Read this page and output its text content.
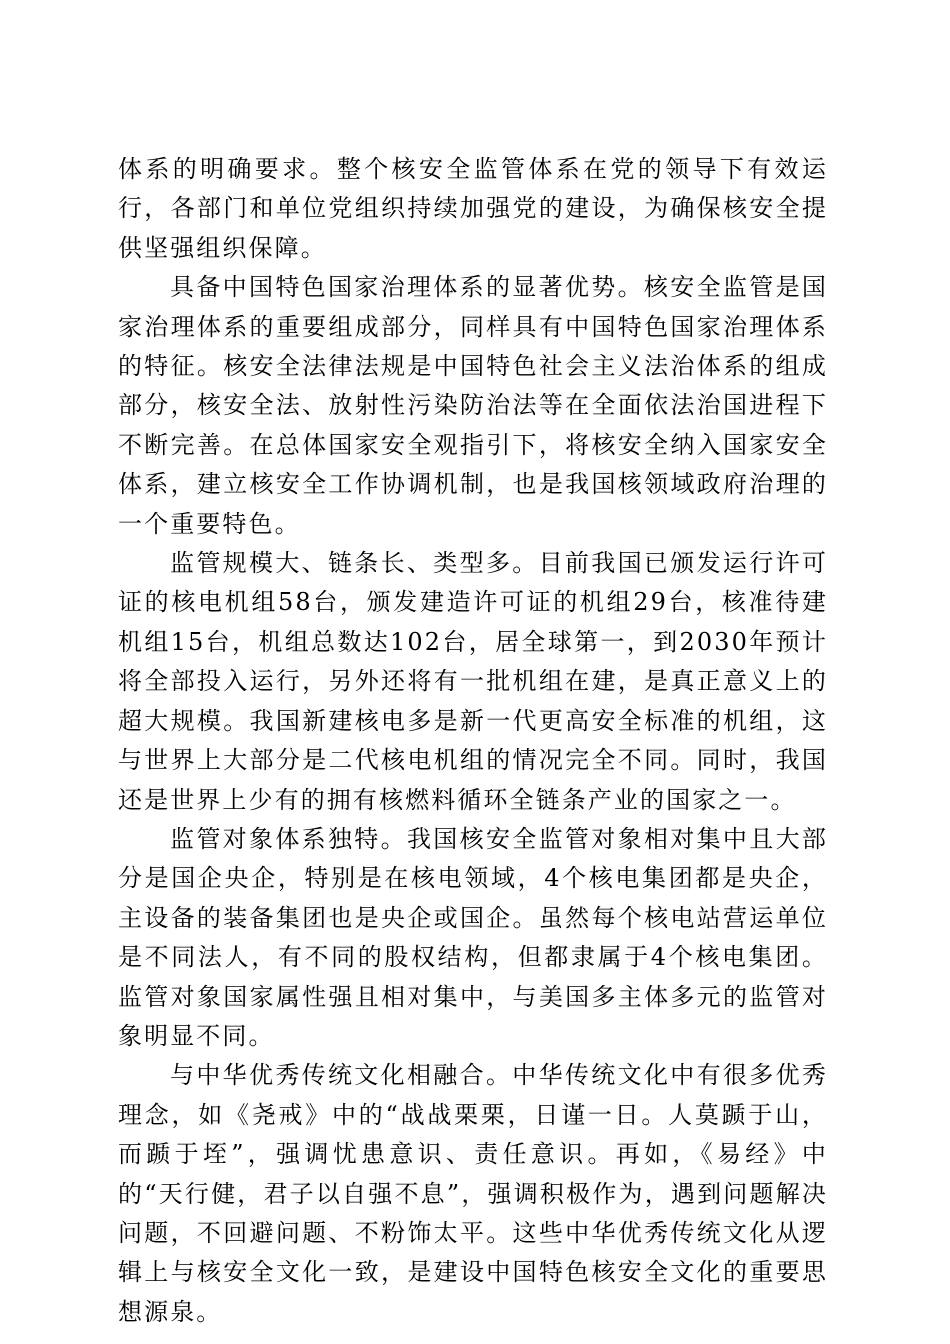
体系的明确要求。整个核安全监管体系在党的领导下有效运行，各部门和单位党组织持续加强党的建设，为确保核安全提供坚强组织保障。

具备中国特色国家治理体系的显著优势。核安全监管是国家治理体系的重要组成部分，同样具有中国特色国家治理体系的特征。核安全法律法规是中国特色社会主义法治体系的组成部分，核安全法、放射性污染防治法等在全面依法治国进程下不断完善。在总体国家安全观指引下，将核安全纳入国家安全体系，建立核安全工作协调机制，也是我国核领域政府治理的一个重要特色。

监管规模大、链条长、类型多。目前我国已颁发运行许可证的核电机组58台，颁发建造许可证的机组29台，核准待建机组15台，机组总数达102台，居全球第一，到2030年预计将全部投入运行，另外还将有一批机组在建，是真正意义上的超大规模。我国新建核电多是新一代更高安全标准的机组，这与世界上大部分是二代核电机组的情况完全不同。同时，我国还是世界上少有的拥有核燃料循环全链条产业的国家之一。

监管对象体系独特。我国核安全监管对象相对集中且大部分是国企央企，特别是在核电领域，4个核电集团都是央企，主设备的装备集团也是央企或国企。虽然每个核电站营运单位是不同法人，有不同的股权结构，但都隶属于4个核电集团。监管对象国家属性强且相对集中，与美国多主体多元的监管对象明显不同。

与中华优秀传统文化相融合。中华传统文化中有很多优秀理念，如《尧戒》中的“战战栗栗，日谨一日。人莫踬于山，而踬于垤”，强调忧患意识、责任意识。再如，《易经》中的“天行健，君子以自强不息”，强调积极作为，遇到问题解决问题，不回避问题、不粉饰太平。这些中华优秀传统文化从逻辑上与核安全文化一致，是建设中国特色核安全文化的重要思想源泉。
